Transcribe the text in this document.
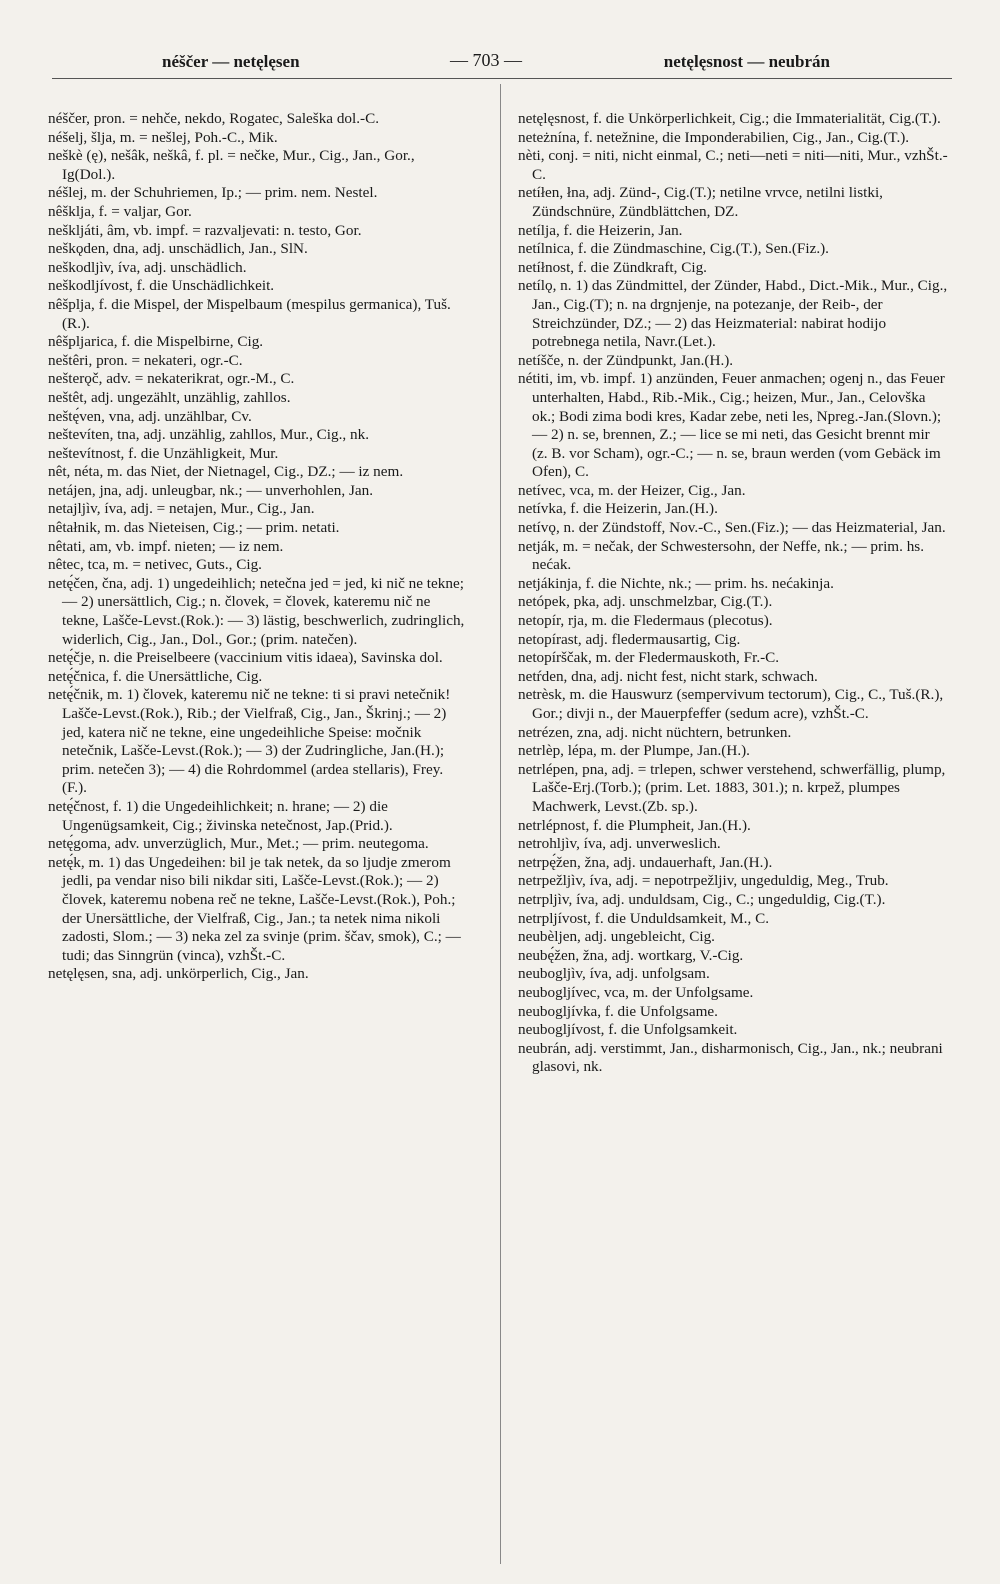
néščer — netęlęsen	— 703 —	netęlęsnost — neubrán

néščer, pron. = nehče, nekdo, Rogatec, Saleška dol.-C.

néšelj, šlja, m. = nešlej, Poh.-C., Mik.

neškè (ę), nešâk, neškâ, f. pl. = nečke, Mur., Cig., Jan., Gor., Ig(Dol.).

néšlej, m. der Schuhriemen, Ip.; — prim. nem. Nestel.

nêšklja, f. = valjar, Gor.

neškljáti, âm, vb. impf. = razvaljevati: n. testo, Gor.

neškǫden, dna, adj. unschädlich, Jan., SlN.

neškodljìv, íva, adj. unschädlich.

neškodljívost, f. die Unschädlichkeit.

nêšplja, f. die Mispel, der Mispelbaum (mespilus germanica), Tuš.(R.).

nêšpljarica, f. die Mispelbirne, Cig.

neštêri, pron. = nekateri, ogr.-C.

nešterǫč, adv. = nekaterikrat, ogr.-M., C.

neštêt, adj. ungezählt, unzählig, zahllos.

neštę́ven, vna, adj. unzählbar, Cv.

neštevíten, tna, adj. unzählig, zahllos, Mur., Cig., nk.

neštevítnost, f. die Unzähligkeit, Mur.

nêt, néta, m. das Niet, der Nietnagel, Cig., DZ.; — iz nem.

netájen, jna, adj. unleugbar, nk.; — unverhohlen, Jan.

netajljìv, íva, adj. = netajen, Mur., Cig., Jan.

nêtałnik, m. das Nieteisen, Cig.; — prim. netati.

nêtati, am, vb. impf. nieten; — iz nem.

nêtec, tca, m. = netivec, Guts., Cig.

netę́čen, čna, adj. 1) ungedeihlich; netečna jed = jed, ki nič ne tekne; — 2) unersättlich, Cig.; n. človek, = človek, kateremu nič ne tekne, Lašče-Levst.(Rok.): — 3) lästig, beschwerlich, zudringlich, widerlich, Cig., Jan., Dol., Gor.; (prim. natečen).

netę́čje, n. die Preiselbeere (vaccinium vitis idaea), Savinska dol.

netę́čnica, f. die Unersättliche, Cig.

netę́čnik, m. 1) človek, kateremu nič ne tekne: ti si pravi netečnik! Lašče-Levst.(Rok.), Rib.; der Vielfraß, Cig., Jan., Škrinj.; — 2) jed, katera nič ne tekne, eine ungedeihliche Speise: močnik netečnik, Lašče-Levst.(Rok.); — 3) der Zudringliche, Jan.(H.); prim. netečen 3); — 4) die Rohrdommel (ardea stellaris), Frey.(F.).

netę́čnost, f. 1) die Ungedeihlichkeit; n. hrane; — 2) die Ungenügsamkeit, Cig.; živinska netečnost, Jap.(Prid.).

netę́goma, adv. unverzüglich, Mur., Met.; — prim. neutegoma.

netę́k, m. 1) das Ungedeihen: bil je tak netek, da so ljudje zmerom jedli, pa vendar niso bili nikdar siti, Lašče-Levst.(Rok.); — 2) človek, kateremu nobena reč ne tekne, Lašče-Levst.(Rok.), Poh.; der Unersättliche, der Vielfraß, Cig., Jan.; ta netek nima nikoli zadosti, Slom.; — 3) neka zel za svinje (prim. ščav, smok), C.; — tudi; das Sinngrün (vinca), vzhŠt.-C.

netęlęsen, sna, adj. unkörperlich, Cig., Jan.

netęlęsnost, f. die Unkörperlichkeit, Cig.; die Immaterialität, Cig.(T.).

neteżnína, f. netežnine, die Imponderabilien, Cig., Jan., Cig.(T.).

nèti, conj. = niti, nicht einmal, C.; neti—neti = niti—niti, Mur., vzhŠt.-C.

netíłen, łna, adj. Zünd-, Cig.(T.); netilne vrvce, netilni listki, Zündschnüre, Zündblättchen, DZ.

netílja, f. die Heizerin, Jan.

netílnica, f. die Zündmaschine, Cig.(T.), Sen.(Fiz.).

netíłnost, f. die Zündkraft, Cig.

netílǫ, n. 1) das Zündmittel, der Zünder, Habd., Dict.-Mik., Mur., Cig., Jan., Cig.(T); n. na drgnjenje, na potezanje, der Reib-, der Streichzünder, DZ.; — 2) das Heizmaterial: nabirat hodijo potrebnega netila, Navr.(Let.).

netíšče, n. der Zündpunkt, Jan.(H.).

nétiti, im, vb. impf. 1) anzünden, Feuer anmachen; ogenj n., das Feuer unterhalten, Habd., Rib.-Mik., Cig.; heizen, Mur., Jan., Celovška ok.; Bodi zima bodi kres, Kadar zebe, neti les, Npreg.-Jan.(Slovn.); — 2) n. se, brennen, Z.; — lice se mi neti, das Gesicht brennt mir (z. B. vor Scham), ogr.-C.; — n. se, braun werden (vom Gebäck im Ofen), C.

netívec, vca, m. der Heizer, Cig., Jan.

netívka, f. die Heizerin, Jan.(H.).

netívǫ, n. der Zündstoff, Nov.-C., Sen.(Fiz.); — das Heizmaterial, Jan.

netják, m. = nečak, der Schwestersohn, der Neffe, nk.; — prim. hs. nećak.

netjákinja, f. die Nichte, nk.; — prim. hs. nećakinja.

netópek, pka, adj. unschmelzbar, Cig.(T.).

netopír, rja, m. die Fledermaus (plecotus).

netopírast, adj. fledermausartig, Cig.

netopírščak, m. der Fledermauskoth, Fr.-C.

netŕden, dna, adj. nicht fest, nicht stark, schwach.

netrèsk, m. die Hauswurz (sempervivum tectorum), Cig., C., Tuš.(R.), Gor.; divji n., der Mauerpfeffer (sedum acre), vzhŠt.-C.

netrézen, zna, adj. nicht nüchtern, betrunken.

netrlèp, lépa, m. der Plumpe, Jan.(H.).

netrlépen, pna, adj. = trlepen, schwer verstehend, schwerfällig, plump, Lašče-Erj.(Torb.); (prim. Let. 1883, 301.); n. krpež, plumpes Machwerk, Levst.(Zb. sp.).

netrlépnost, f. die Plumpheit, Jan.(H.).

netrohljìv, íva, adj. unverweslich.

netrpę́žen, žna, adj. undauerhaft, Jan.(H.).

netrpežljìv, íva, adj. = nepotrpežljiv, ungeduldig, Meg., Trub.

netrpljìv, íva, adj. unduldsam, Cig., C.; ungeduldig, Cig.(T.).

netrpljívost, f. die Unduldsamkeit, M., C.

neubèljen, adj. ungebleicht, Cig.

neubę́žen, žna, adj. wortkarg, V.-Cig.

neubogljìv, íva, adj. unfolgsam.

neubogljívec, vca, m. der Unfolgsame.

neubogljívka, f. die Unfolgsame.

neubogljívost, f. die Unfolgsamkeit.

neubrán, adj. verstimmt, Jan., disharmonisch, Cig., Jan., nk.; neubrani glasovi, nk.
